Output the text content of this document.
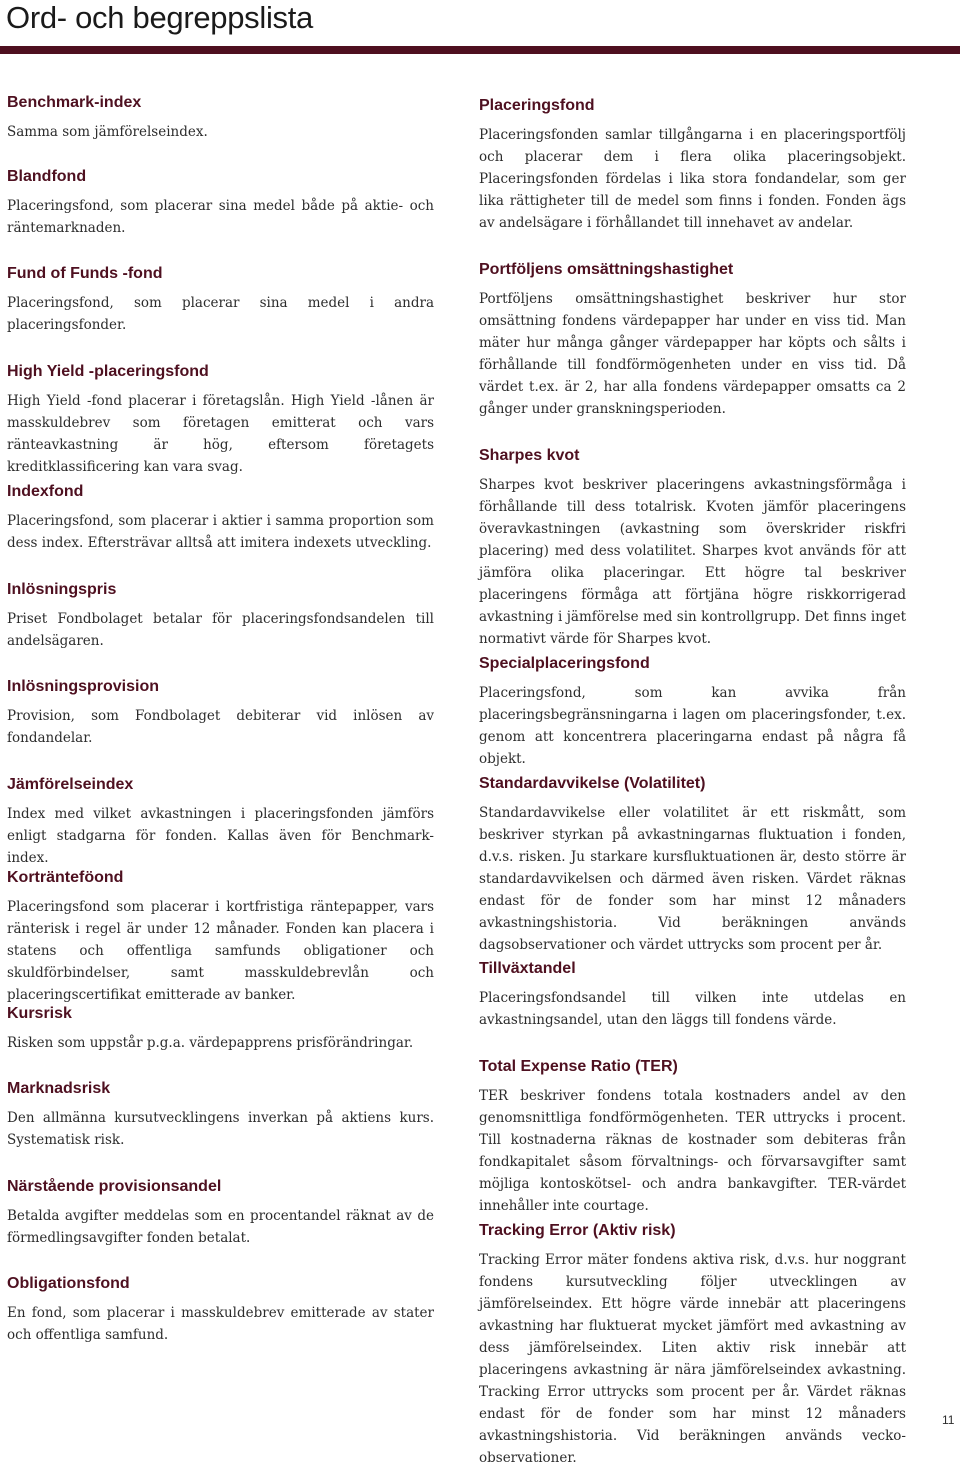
Ord- och begreppslista
Benchmark-index

Samma som jämförelseindex.

Blandfond

Placeringsfond, som placerar sina medel både på aktie- och räntemarknaden.

Fund of Funds -fond

Placeringsfond, som placerar sina medel i andra placeringsfonder.

High Yield -placeringsfond

High Yield -fond placerar i företagslån. High Yield -lånen är masskuldebrev som företagen emitterat och vars ränteavkastning är hög, eftersom företagets kreditklassificering kan vara svag.

Indexfond

Placeringsfond, som placerar i aktier i samma proportion som dess index. Eftersträvar alltså att imitera indexets utveckling.

Inlösningspris

Priset Fondbolaget betalar för placeringsfondsandelen till andelsägaren.

Inlösningsprovision

Provision, som Fondbolaget debiterar vid inlösen av fondandelar.

Jämförelseindex

Index med vilket avkastningen i placeringsfonden jämförs enligt stadgarna för fonden. Kallas även för Benchmark-index.

Kortränteföond

Placeringsfond som placerar i kortfristiga räntepapper, vars ränterisk i regel är under 12 månader. Fonden kan placera i statens och offentliga samfunds obligationer och skuldförbindelser, samt masskuldebrevlån och placeringscertifikat emitterade av banker.

Kursrisk

Risken som uppstår p.g.a. värdepapprens prisförändringar.

Marknadsrisk

Den allmänna kursutvecklingens inverkan på aktiens kurs. Systematisk risk.

Närstående provisionsandel

Betalda avgifter meddelas som en procentandel räknat av de förmedlingsavgifter fonden betalat.

Obligationsfond

En fond, som placerar i masskuldebrev emitterade av stater och offentliga samfund.

Placeringsfond

Placeringsfonden samlar tillgångarna i en placeringsportfölj och placerar dem i flera olika placeringsobjekt. Placeringsfonden fördelas i lika stora fondandelar, som ger lika rättigheter till de medel som finns i fonden. Fonden ägs av andelsägare i förhållandet till innehavet av andelar.

Portföljens omsättningshastighet

Portföljens omsättningshastighet beskriver hur stor omsättning fondens värdepapper har under en viss tid. Man mäter hur många gånger värdepapper har köpts och sålts i förhållande till fondförmögenheten under en viss tid. Då värdet t.ex. är 2, har alla fondens värdepapper omsatts ca 2 gånger under granskningsperioden.

Sharpes kvot

Sharpes kvot beskriver placeringens avkastningsförmåga i förhållande till dess totalrisk. Kvoten jämför placeringens överavkastningen (avkastning som överskrider riskfri placering) med dess volatilitet. Sharpes kvot används för att jämföra olika placeringar. Ett högre tal beskriver placeringens förmåga att förtjäna högre riskkorrigerad avkastning i jämförelse med sin kontrollgrupp. Det finns inget normativt värde för Sharpes kvot.

Specialplaceringsfond

Placeringsfond, som kan avvika från placeringsbegränsningarna i lagen om placeringsfonder, t.ex. genom att koncentrera placeringarna endast på några få objekt.

Standardavvikelse (Volatilitet)

Standardavvikelse eller volatilitet är ett riskmått, som beskriver styrkan på avkastningarnas fluktuation i fonden, d.v.s. risken. Ju starkare kursfluktuationen är, desto större är standardavvikelsen och därmed även risken. Värdet räknas endast för de fonder som har minst 12 månaders avkastningshistoria. Vid beräkningen används dagsobservationer och värdet uttrycks som procent per år.

Tillväxtandel

Placeringsfondsandel till vilken inte utdelas en avkastningsandel, utan den läggs till fondens värde.

Total Expense Ratio (TER)

TER beskriver fondens totala kostnaders andel av den genomsnittliga fondförmögenheten. TER uttrycks i procent. Till kostnaderna räknas de kostnader som debiteras från fondkapitalet såsom förvaltnings- och förvarsavgifter samt möjliga kontoskötsel- och andra bankavgifter. TER-värdet innehåller inte courtage.

Tracking Error (Aktiv risk)

Tracking Error mäter fondens aktiva risk, d.v.s. hur noggrant fondens kursutveckling följer utvecklingen av jämförelseindex. Ett högre värde innebär att placeringens avkastning har fluktuerat mycket jämfört med avkastning av dess jämförelseindex. Liten aktiv risk innebär att placeringens avkastning är nära jämförelseindex avkastning. Tracking Error uttrycks som procent per år. Värdet räknas endast för de fonder som har minst 12 månaders avkastningshistoria. Vid beräkningen används vecko-observationer.

11
